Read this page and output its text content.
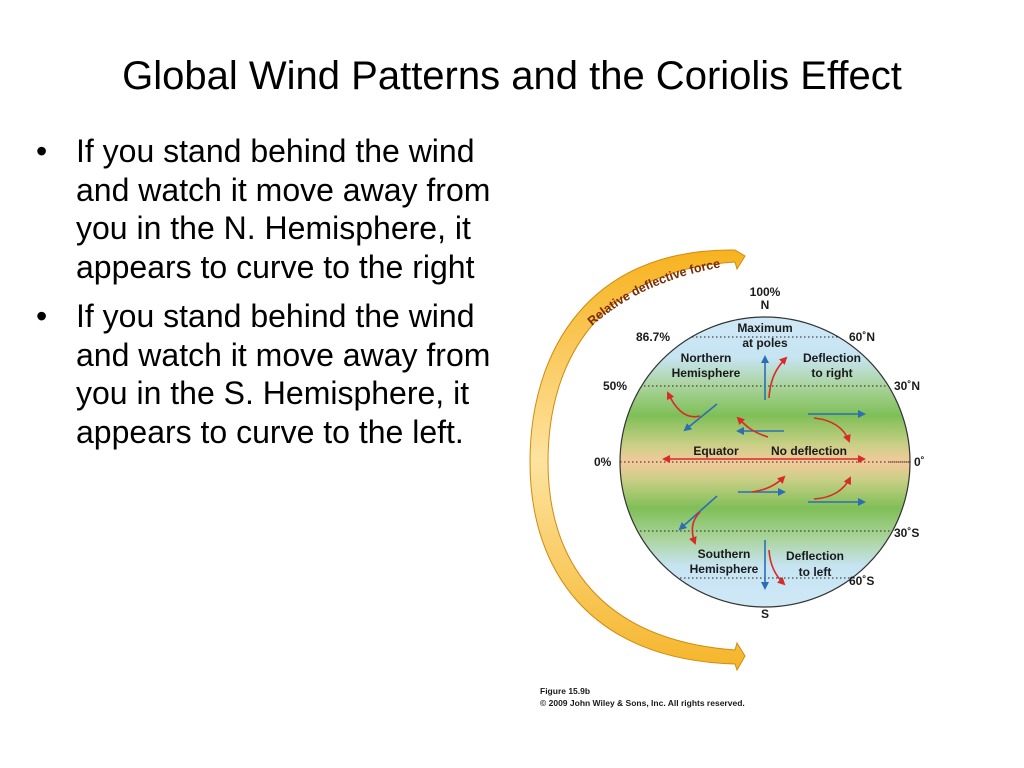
Global Wind Patterns and the Coriolis Effect
• If you stand behind the wind and watch it move away from you in the N. Hemisphere, it appears to curve to the right
• If you stand behind the wind and watch it move away from you in the S. Hemisphere, it appears to curve to the left.
Relative deflective force
100%
N
86.7%
50%
0%
60˚N
30˚N
0˚
30˚S
60˚S
S
Maximum
at poles
Northern
Hemisphere
Deflection
to right
Equator	No deflection
Southern
Hemisphere
Deflection
to left
Figure 15.9b
© 2009 John Wiley & Sons, Inc. All rights reserved.
